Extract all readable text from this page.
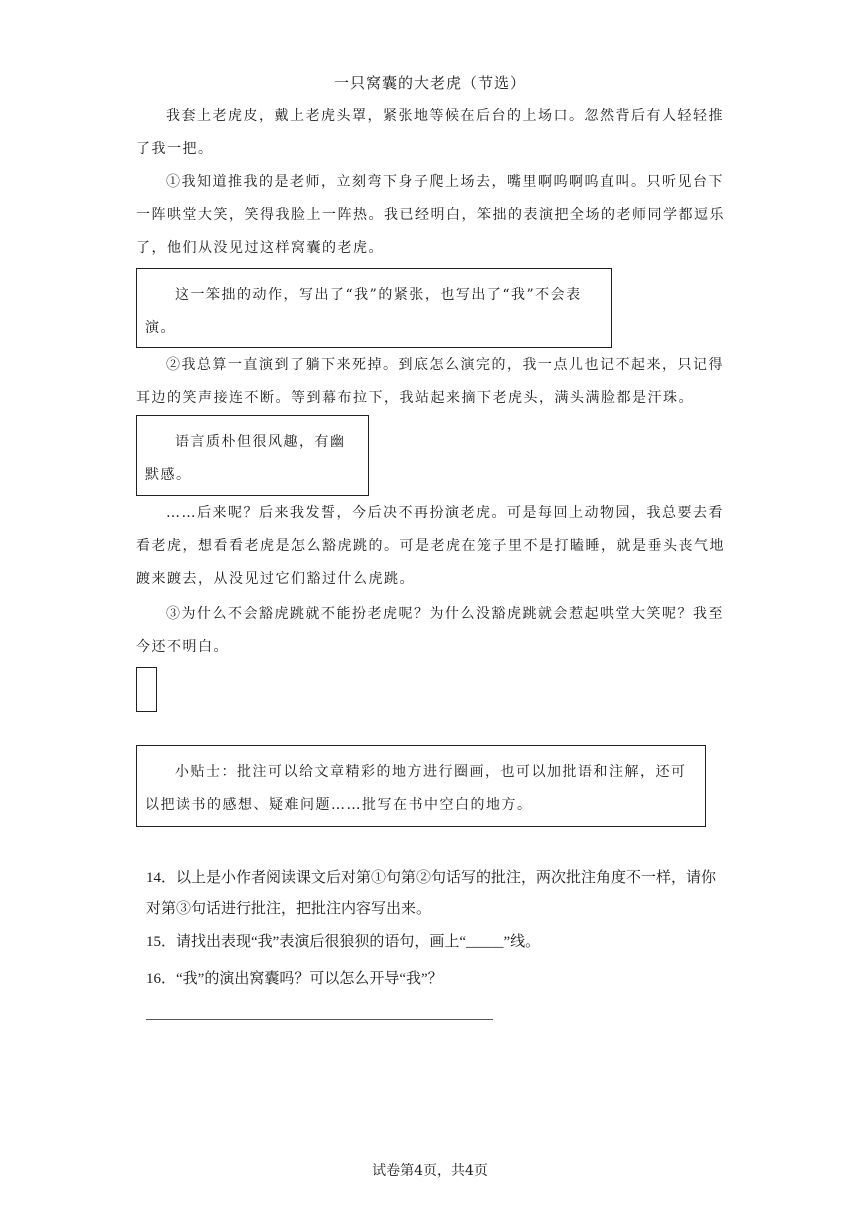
一只窝囊的大老虎（节选）

我套上老虎皮，戴上老虎头罩，紧张地等候在后台的上场口。忽然背后有人轻轻推了我一把。

①我知道推我的是老师，立刻弯下身子爬上场去，嘴里啊呜啊呜直叫。只听见台下一阵哄堂大笑，笑得我脸上一阵热。我已经明白，笨拙的表演把全场的老师同学都逗乐了，他们从没见过这样窝囊的老虎。

这一笨拙的动作，写出了“我”的紧张，也写出了“我”不会表演。

②我总算一直演到了躺下来死掉。到底怎么演完的，我一点儿也记不起来，只记得耳边的笑声接连不断。等到幕布拉下，我站起来摘下老虎头，满头满脸都是汗珠。

语言质朴但很风趣，有幽默感。

……后来呢？后来我发誓，今后决不再扮演老虎。可是每回上动物园，我总要去看看老虎，想看看老虎是怎么豁虎跳的。可是老虎在笼子里不是打瞌睡，就是垂头丧气地踱来踱去，从没见过它们豁过什么虎跳。

③为什么不会豁虎跳就不能扮老虎呢？为什么没豁虎跳就会惹起哄堂大笑呢？我至今还不明白。

小贴士：批注可以给文章精彩的地方进行圈画，也可以加批语和注解，还可以把读书的感想、疑难问题……批写在书中空白的地方。

14．以上是小作者阅读课文后对第①句第②句话写的批注，两次批注角度不一样，请你对第③句话进行批注，把批注内容写出来。

15．请找出表现“我”表演后很狼狈的语句，画上“_____”线。

16．“我”的演出窝囊吗？可以怎么开导“我”？

试卷第4页，共4页
